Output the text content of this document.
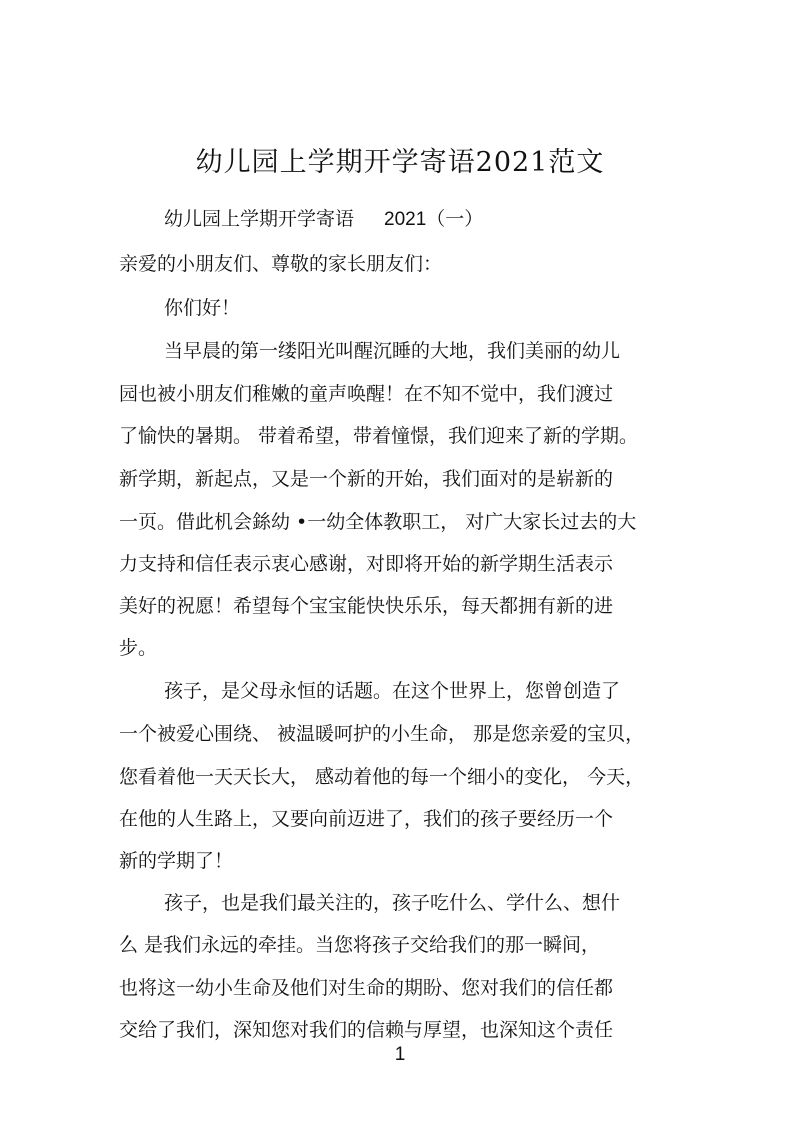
幼儿园上学期开学寄语2021范文
幼儿园上学期开学寄语 2021（一）
亲爱的小朋友们、尊敬的家长朋友们：
你们好！
当早晨的第一缕阳光叫醒沉睡的大地，我们美丽的幼儿
园也被小朋友们稚嫩的童声唤醒！在不知不觉中，我们渡过
了愉快的暑期。 带着希望，带着憧憬，我们迎来了新的学期。
新学期，新起点，又是一个新的开始，我们面对的是崭新的
一页。借此机会銯幼 •一幼全体教职工， 对广大家长过去的大
力支持和信任表示衷心感谢，对即将开始的新学期生活表示
美好的祝愿！希望每个宝宝能快快乐乐，每天都拥有新的进
步。
孩子，是父母永恒的话题。在这个世界上，您曾创造了
一个被爱心围绕、 被温暖呵护的小生命， 那是您亲爱的宝贝，
您看着他一天天长大， 感动着他的每一个细小的变化， 今天，
在他的人生路上，又要向前迈进了，我们的孩子要经历一个
新的学期了！
孩子，也是我们最关注的，孩子吃什么、学什么、想什
么 是我们永远的牵挂。当您将孩子交给我们的那一瞬间，
也将这一幼小生命及他们对生命的期盼、您对我们的信任都
交给了我们，深知您对我们的信赖与厚望，也深知这个责任
1
